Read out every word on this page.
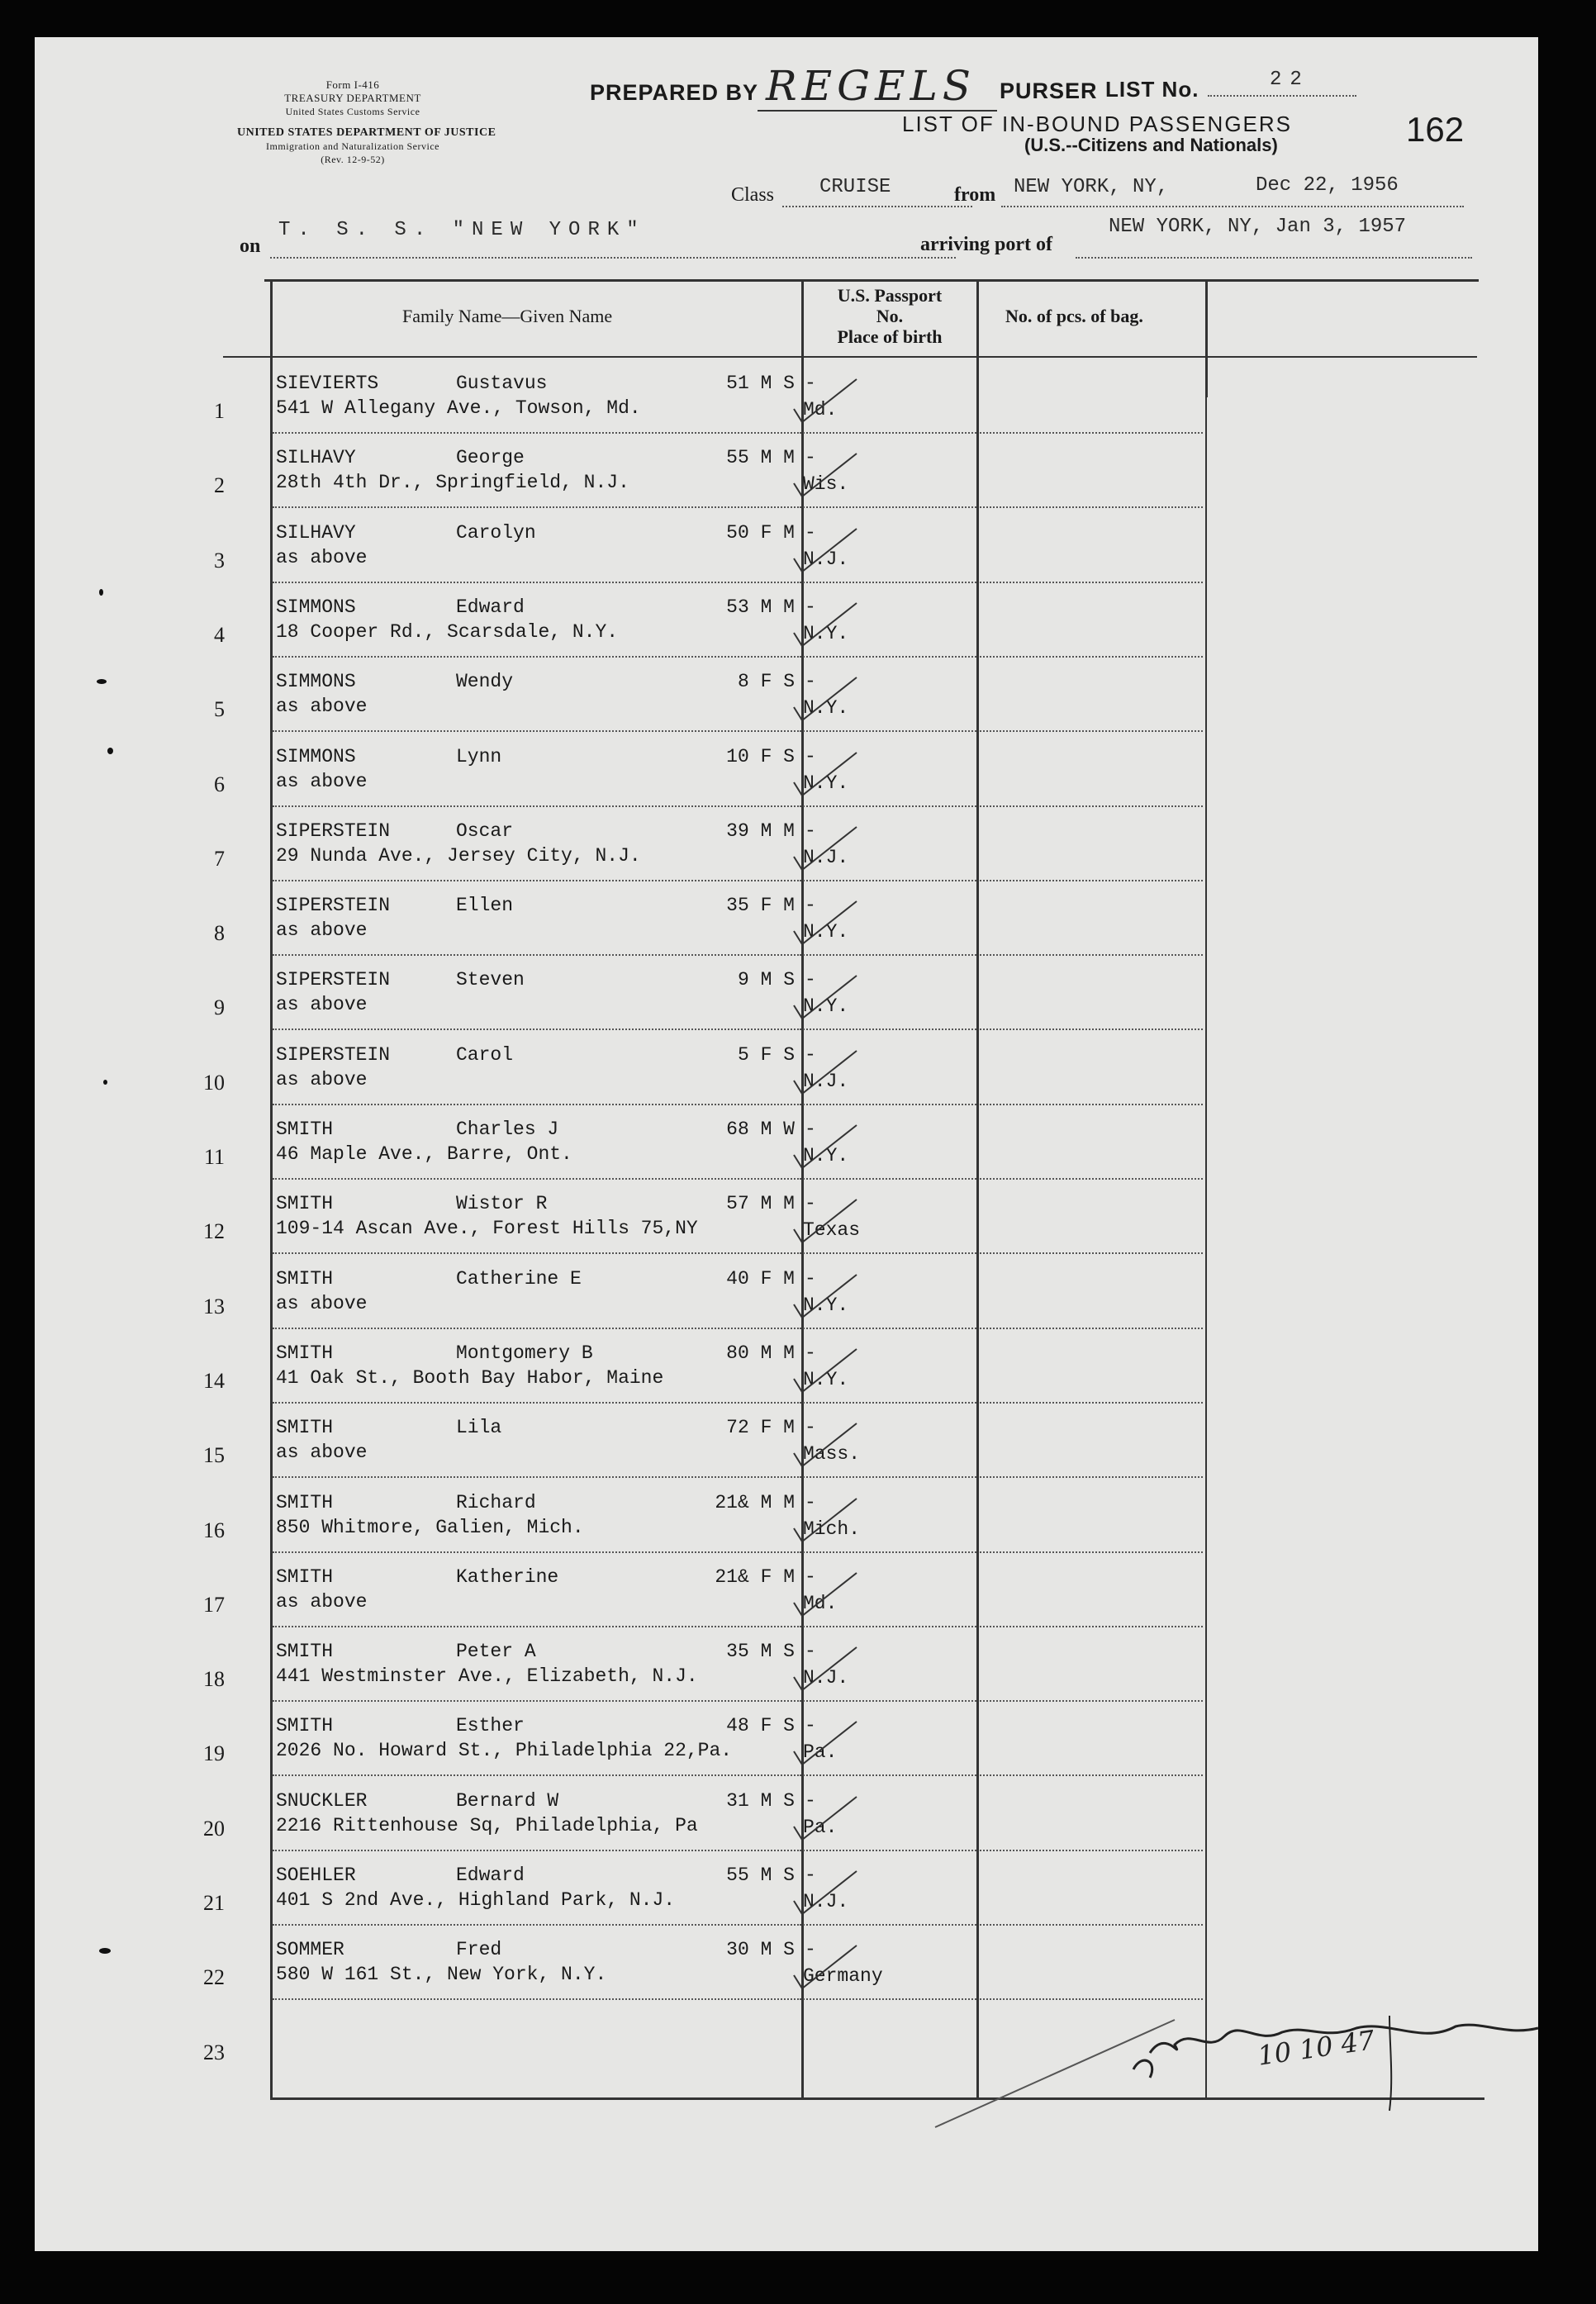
Form I-416
TREASURY DEPARTMENT
United States Customs Service
UNITED STATES DEPARTMENT OF JUSTICE
Immigration and Naturalization Service
(Rev. 12-9-52)
PREPARED BY REGELS PURSER LIST No.	22
LIST OF IN-BOUND PASSENGERS
(U.S.--Citizens and Nationals)	162
Class CRUISE	from NEW YORK, NY,	Dec 22, 1956
on
T. S. S. "NEW YORK"
arriving port of
NEW YORK, NY, Jan 3, 1957
Family Name—Given Name
U.S. Passport
No.
Place of birth
No. of pcs. of bag.
1
SIEVIERTS	Gustavus	51 M S
541 W Allegany Ave., Towson, Md.
-
Md.
2
SILHAVY	George	55 M M
28th 4th Dr., Springfield, N.J.
-
Wis.
3
SILHAVY	Carolyn	50 F M
as above
-
N.J.
4
SIMMONS	Edward	53 M M
18 Cooper Rd., Scarsdale, N.Y.
-
N.Y.
5
SIMMONS	Wendy	8 F S
as above
-
N.Y.
6
SIMMONS	Lynn	10 F S
as above
-
N.Y.
7
SIPERSTEIN	Oscar	39 M M
29 Nunda Ave., Jersey City, N.J.
-
N.J.
8
SIPERSTEIN	Ellen	35 F M
as above
-
N.Y.
9
SIPERSTEIN	Steven	9 M S
as above
-
N.Y.
10
SIPERSTEIN	Carol	5 F S
as above
-
N.J.
11
SMITH	Charles J	68 M W
46 Maple Ave., Barre, Ont.
-
N.Y.
12
SMITH	Wistor R	57 M M
109-14 Ascan Ave., Forest Hills 75,NY
-
Texas
13
SMITH	Catherine E	40 F M
as above
-
N.Y.
14
SMITH	Montgomery B	80 M M
41 Oak St., Booth Bay Habor, Maine
-
N.Y.
15
SMITH	Lila	72 F M
as above
-
Mass.
16
SMITH	Richard	21& M M
850 Whitmore, Galien, Mich.
-
Mich.
17
SMITH	Katherine	21& F M
as above
-
Md.
18
SMITH	Peter A	35 M S
441 Westminster Ave., Elizabeth, N.J.
-
N.J.
19
SMITH	Esther	48 F S
2026 No. Howard St., Philadelphia 22,Pa.
-
Pa.
20
SNUCKLER	Bernard W	31 M S
2216 Rittenhouse Sq, Philadelphia, Pa
-
Pa.
21
SOEHLER	Edward	55 M S
401 S 2nd Ave., Highland Park, N.J.
-
N.J.
22
SOMMER	Fred	30 M S
580 W 161 St., New York, N.Y.
-
Germany
23	10 10 47
